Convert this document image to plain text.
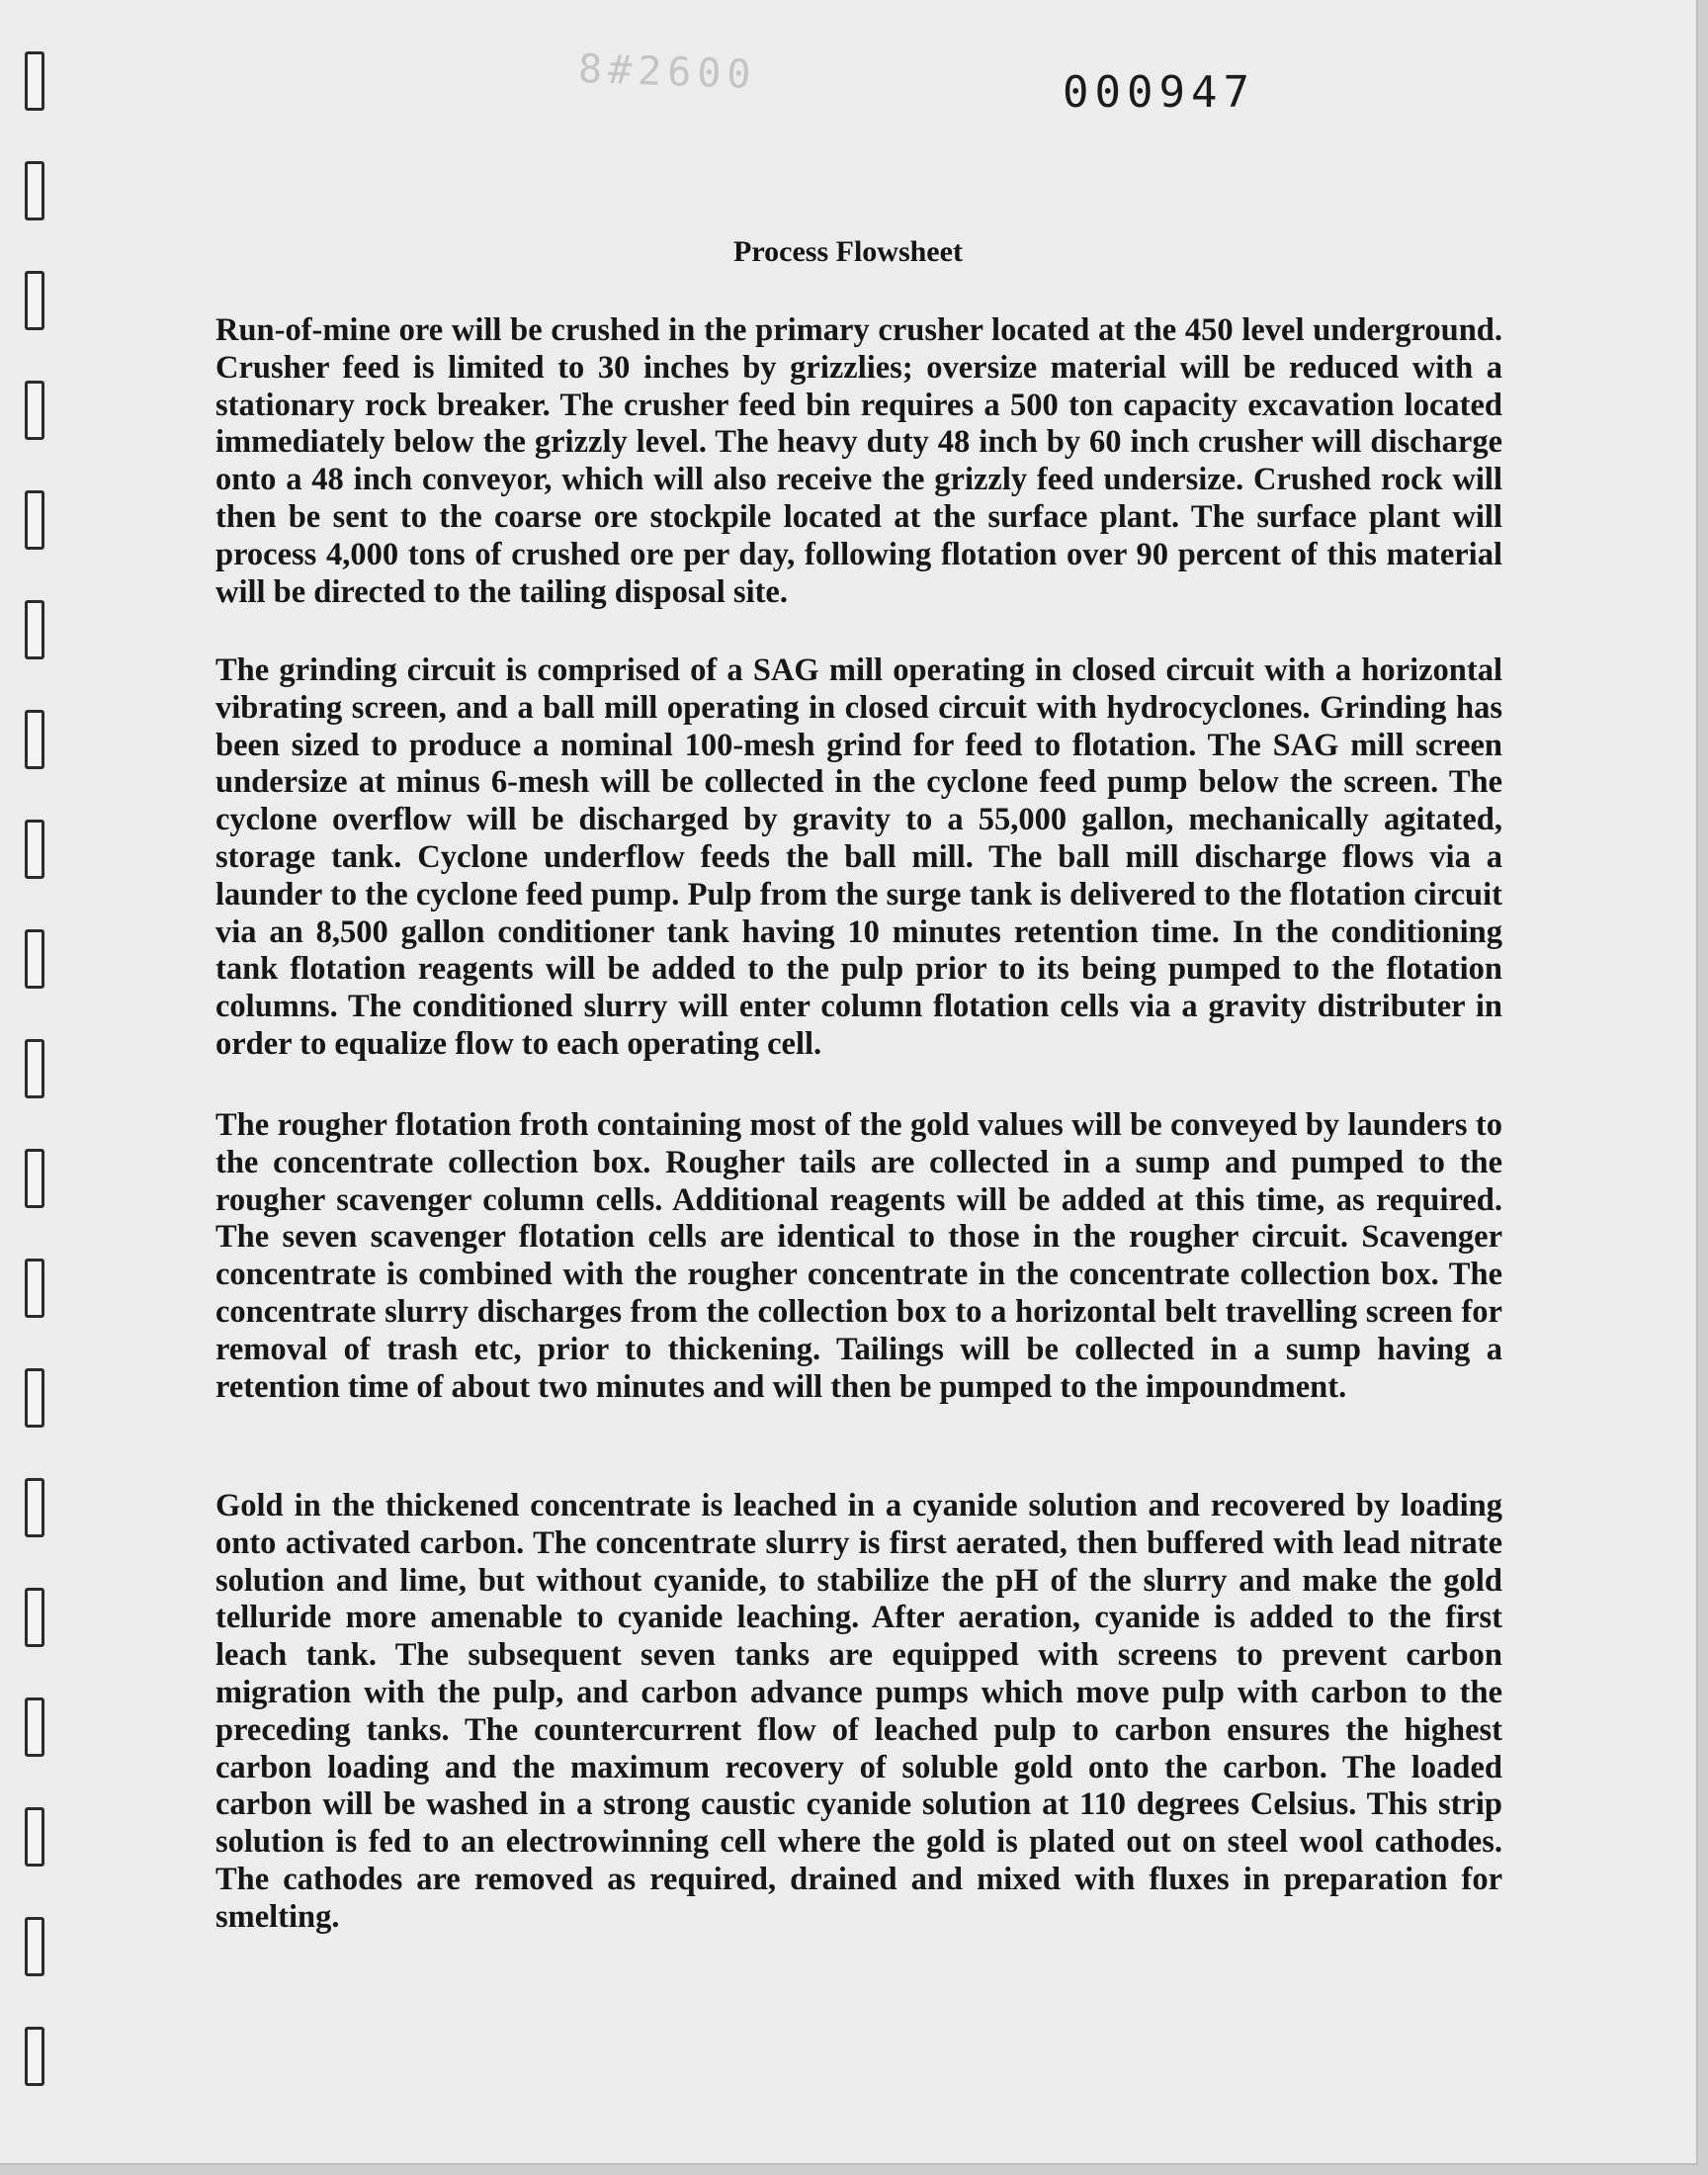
8#2600	000947
Process Flowsheet

Run-of-mine ore will be crushed in the primary crusher located at the 450 level underground. Crusher feed is limited to 30 inches by grizzlies; oversize material will be reduced with a stationary rock breaker. The crusher feed bin requires a 500 ton capacity excavation located immediately below the grizzly level. The heavy duty 48 inch by 60 inch crusher will discharge onto a 48 inch conveyor, which will also receive the grizzly feed undersize. Crushed rock will then be sent to the coarse ore stockpile located at the surface plant. The surface plant will process 4,000 tons of crushed ore per day, following flotation over 90 percent of this material will be directed to the tailing disposal site.

The grinding circuit is comprised of a SAG mill operating in closed circuit with a horizontal vibrating screen, and a ball mill operating in closed circuit with hydrocyclones. Grinding has been sized to produce a nominal 100-mesh grind for feed to flotation. The SAG mill screen undersize at minus 6-mesh will be collected in the cyclone feed pump below the screen. The cyclone overflow will be discharged by gravity to a 55,000 gallon, mechanically agitated, storage tank. Cyclone underflow feeds the ball mill. The ball mill discharge flows via a launder to the cyclone feed pump. Pulp from the surge tank is delivered to the flotation circuit via an 8,500 gallon conditioner tank having 10 minutes retention time. In the conditioning tank flotation reagents will be added to the pulp prior to its being pumped to the flotation columns. The conditioned slurry will enter column flotation cells via a gravity distributer in order to equalize flow to each operating cell.

The rougher flotation froth containing most of the gold values will be conveyed by launders to the concentrate collection box. Rougher tails are collected in a sump and pumped to the rougher scavenger column cells. Additional reagents will be added at this time, as required. The seven scavenger flotation cells are identical to those in the rougher circuit. Scavenger concentrate is combined with the rougher concentrate in the concentrate collection box. The concentrate slurry discharges from the collection box to a horizontal belt travelling screen for removal of trash etc, prior to thickening. Tailings will be collected in a sump having a retention time of about two minutes and will then be pumped to the impoundment.

Gold in the thickened concentrate is leached in a cyanide solution and recovered by loading onto activated carbon. The concentrate slurry is first aerated, then buffered with lead nitrate solution and lime, but without cyanide, to stabilize the pH of the slurry and make the gold telluride more amenable to cyanide leaching. After aeration, cyanide is added to the first leach tank. The subsequent seven tanks are equipped with screens to prevent carbon migration with the pulp, and carbon advance pumps which move pulp with carbon to the preceding tanks. The countercurrent flow of leached pulp to carbon ensures the highest carbon loading and the maximum recovery of soluble gold onto the carbon. The loaded carbon will be washed in a strong caustic cyanide solution at 110 degrees Celsius. This strip solution is fed to an electrowinning cell where the gold is plated out on steel wool cathodes. The cathodes are removed as required, drained and mixed with fluxes in preparation for smelting.
